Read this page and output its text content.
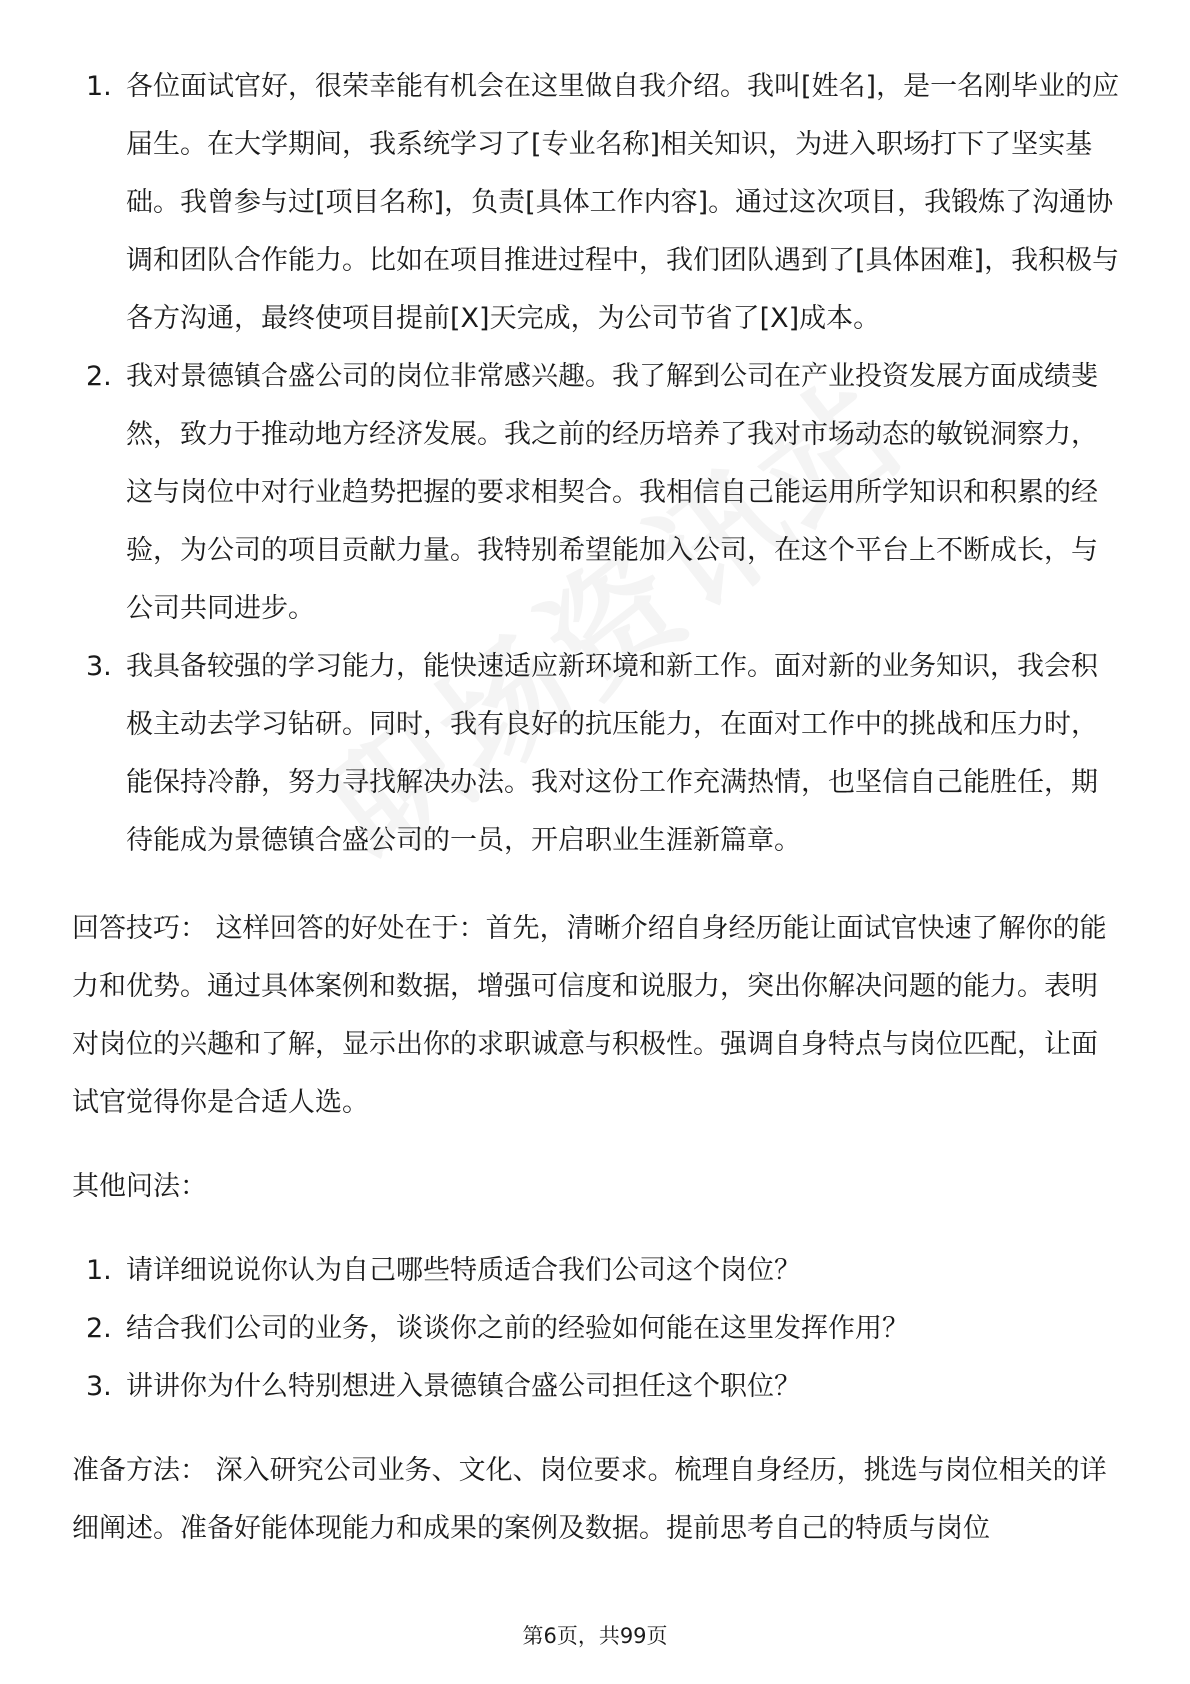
1. 各位面试官好，很荣幸能有机会在这里做自我介绍。我叫[姓名]，是一名刚毕业的应届生。在大学期间，我系统学习了[专业名称]相关知识，为进入职场打下了坚实基础。我曾参与过[项目名称]，负责[具体工作内容]。通过这次项目，我锻炼了沟通协调和团队合作能力。比如在项目推进过程中，我们团队遇到了[具体困难]，我积极与各方沟通，最终使项目提前[X]天完成，为公司节省了[X]成本。
2. 我对景德镇合盛公司的岗位非常感兴趣。我了解到公司在产业投资发展方面成绩斐然，致力于推动地方经济发展。我之前的经历培养了我对市场动态的敏锐洞察力，这与岗位中对行业趋势把握的要求相契合。我相信自己能运用所学知识和积累的经验，为公司的项目贡献力量。我特别希望能加入公司，在这个平台上不断成长，与公司共同进步。
3. 我具备较强的学习能力，能快速适应新环境和新工作。面对新的业务知识，我会积极主动去学习钻研。同时，我有良好的抗压能力，在面对工作中的挑战和压力时，能保持冷静，努力寻找解决办法。我对这份工作充满热情，也坚信自己能胜任，期待能成为景德镇合盛公司的一员，开启职业生涯新篇章。

回答技巧： 这样回答的好处在于：首先，清晰介绍自身经历能让面试官快速了解你的能力和优势。通过具体案例和数据，增强可信度和说服力，突出你解决问题的能力。表明对岗位的兴趣和了解，显示出你的求职诚意与积极性。强调自身特点与岗位匹配，让面试官觉得你是合适人选。

其他问法：

1. 请详细说说你认为自己哪些特质适合我们公司这个岗位？
2. 结合我们公司的业务，谈谈你之前的经验如何能在这里发挥作用？
3. 讲讲你为什么特别想进入景德镇合盛公司担任这个职位？

准备方法： 深入研究公司业务、文化、岗位要求。梳理自身经历，挑选与岗位相关的详细阐述。准备好能体现能力和成果的案例及数据。提前思考自己的特质与岗位

第6页，共99页
